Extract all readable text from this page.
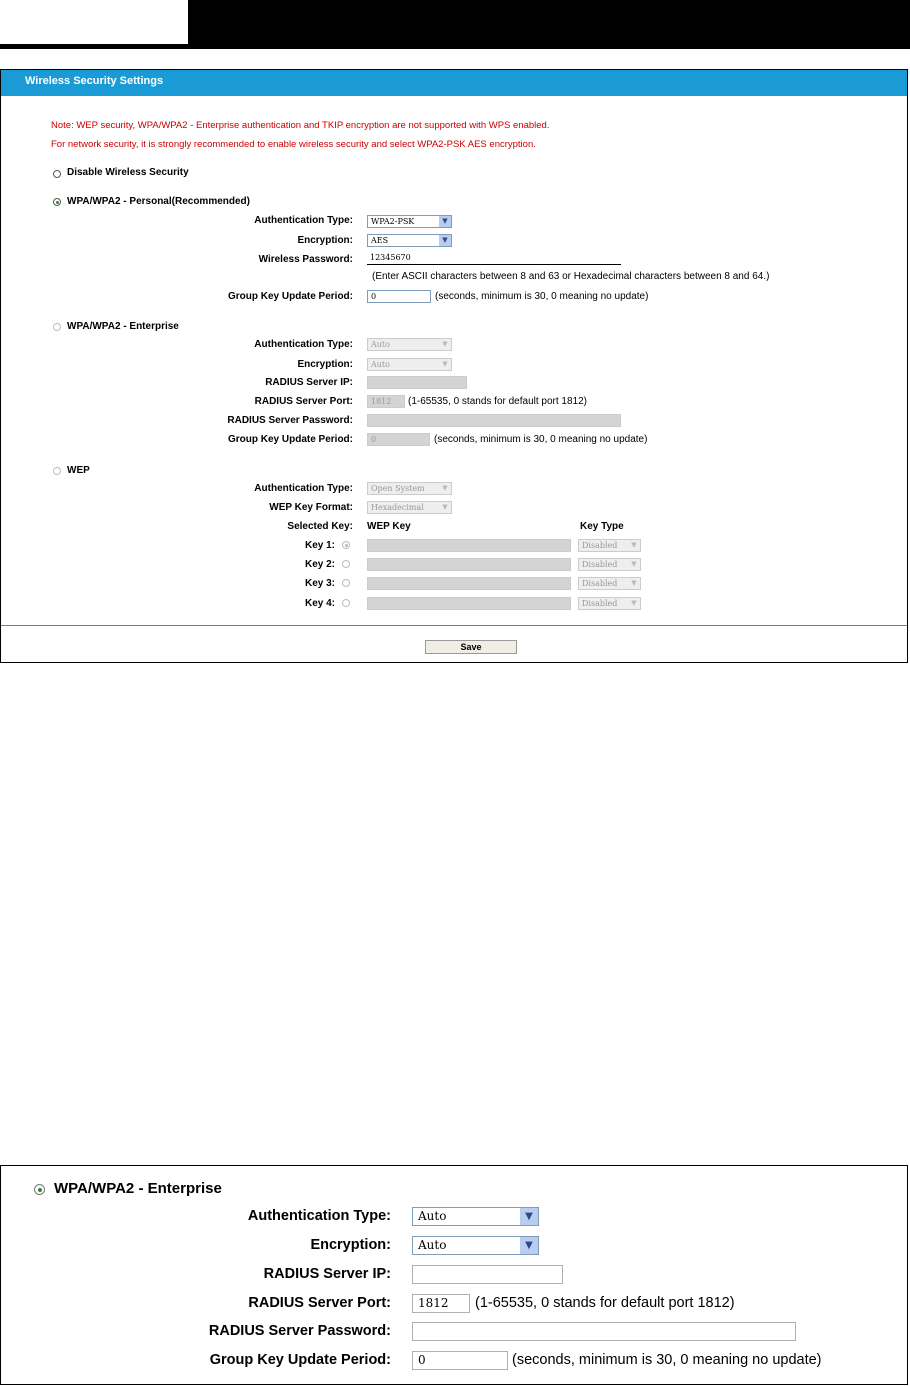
Wireless Security Settings
Note: WEP security, WPA/WPA2 - Enterprise authentication and TKIP encryption are not supported with WPS enabled.
For network security, it is strongly recommended to enable wireless security and select WPA2-PSK AES encryption.
Disable Wireless Security
WPA/WPA2 - Personal(Recommended)
Authentication Type:	WPA2-PSK	▼
Encryption:	AES	▼
Wireless Password:	12345670
(Enter ASCII characters between 8 and 63 or Hexadecimal characters between 8 and 64.)
Group Key Update Period:	0	(seconds, minimum is 30, 0 meaning no update)
WPA/WPA2 - Enterprise
Authentication Type:	Auto	▼
Encryption:	Auto	▼
RADIUS Server IP:
RADIUS Server Port:	1812	(1-65535, 0 stands for default port 1812)
RADIUS Server Password:
Group Key Update Period:	0	(seconds, minimum is 30, 0 meaning no update)
WEP
Authentication Type:	Open System	▼
WEP Key Format:	Hexadecimal	▼
Selected Key: WEP Key	Key Type
Key 1:	Disabled	▼
Key 2:	Disabled	▼
Key 3:	Disabled	▼
Key 4:	Disabled	▼
Save
WPA/WPA2 - Enterprise
Authentication Type:	Auto	▼
Encryption:	Auto	▼
RADIUS Server IP:
RADIUS Server Port:	1812	(1-65535, 0 stands for default port 1812)
RADIUS Server Password:
Group Key Update Period:	0	(seconds, minimum is 30, 0 meaning no update)
